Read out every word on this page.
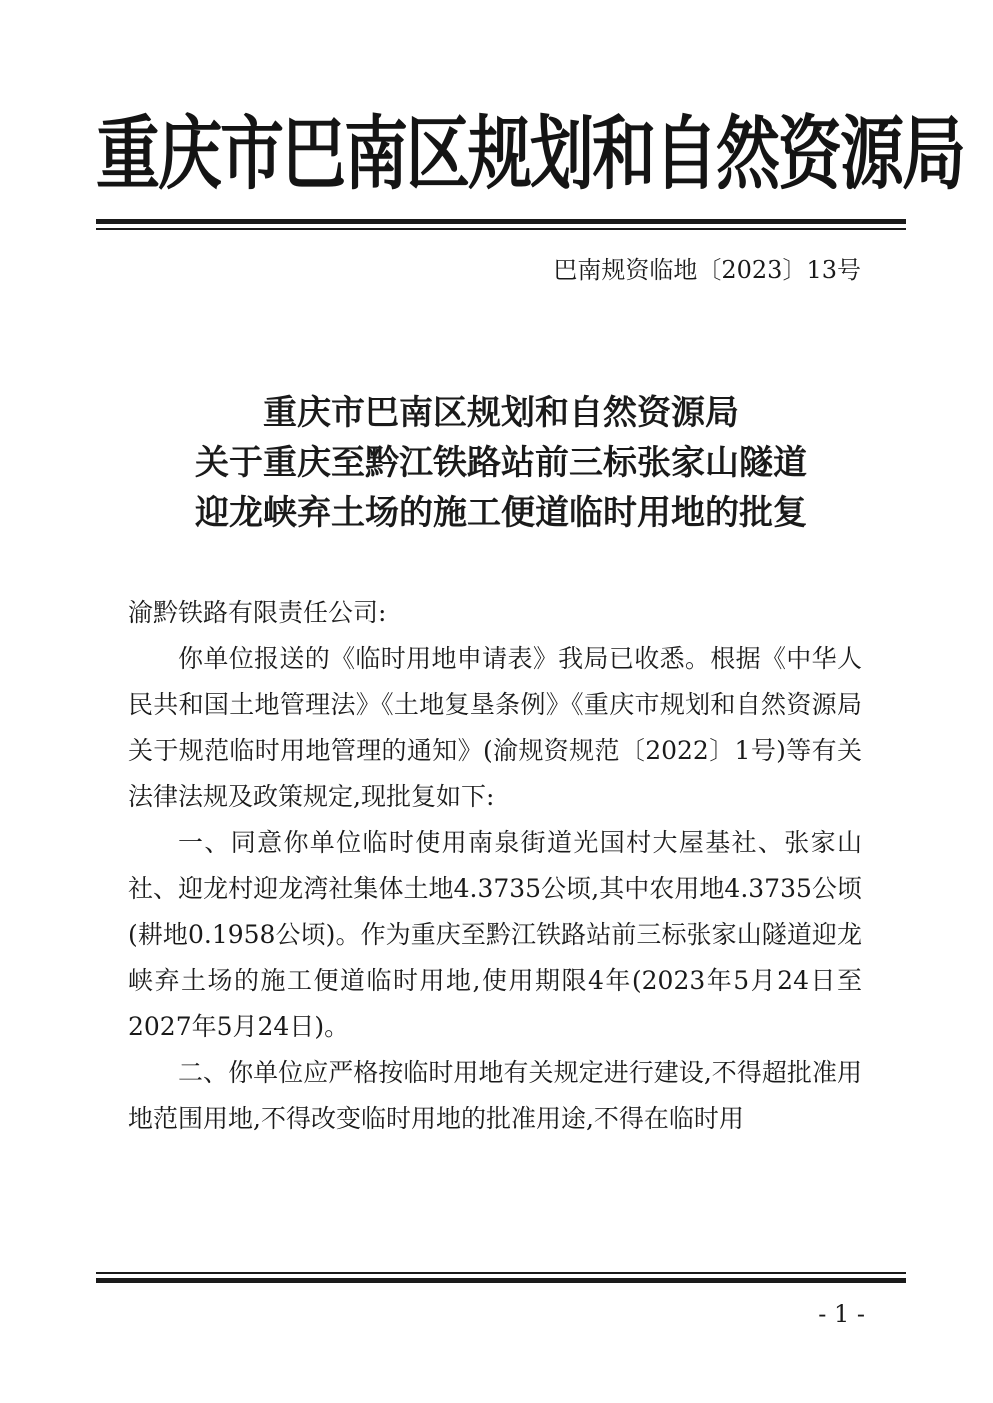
重庆市巴南区规划和自然资源局
巴南规资临地〔2023〕13号
重庆市巴南区规划和自然资源局
关于重庆至黔江铁路站前三标张家山隧道
迎龙峡弃土场的施工便道临时用地的批复
渝黔铁路有限责任公司:

你单位报送的《临时用地申请表》我局已收悉。根据《中华人民共和国土地管理法》《土地复垦条例》《重庆市规划和自然资源局关于规范临时用地管理的通知》(渝规资规范〔2022〕1号)等有关法律法规及政策规定,现批复如下:

一、同意你单位临时使用南泉街道光国村大屋基社、张家山社、迎龙村迎龙湾社集体土地4.3735公顷,其中农用地4.3735公顷(耕地0.1958公顷)。作为重庆至黔江铁路站前三标张家山隧道迎龙峡弃土场的施工便道临时用地,使用期限4年(2023年5月24日至2027年5月24日)。

二、你单位应严格按临时用地有关规定进行建设,不得超批准用地范围用地,不得改变临时用地的批准用途,不得在临时用

- 1 -
